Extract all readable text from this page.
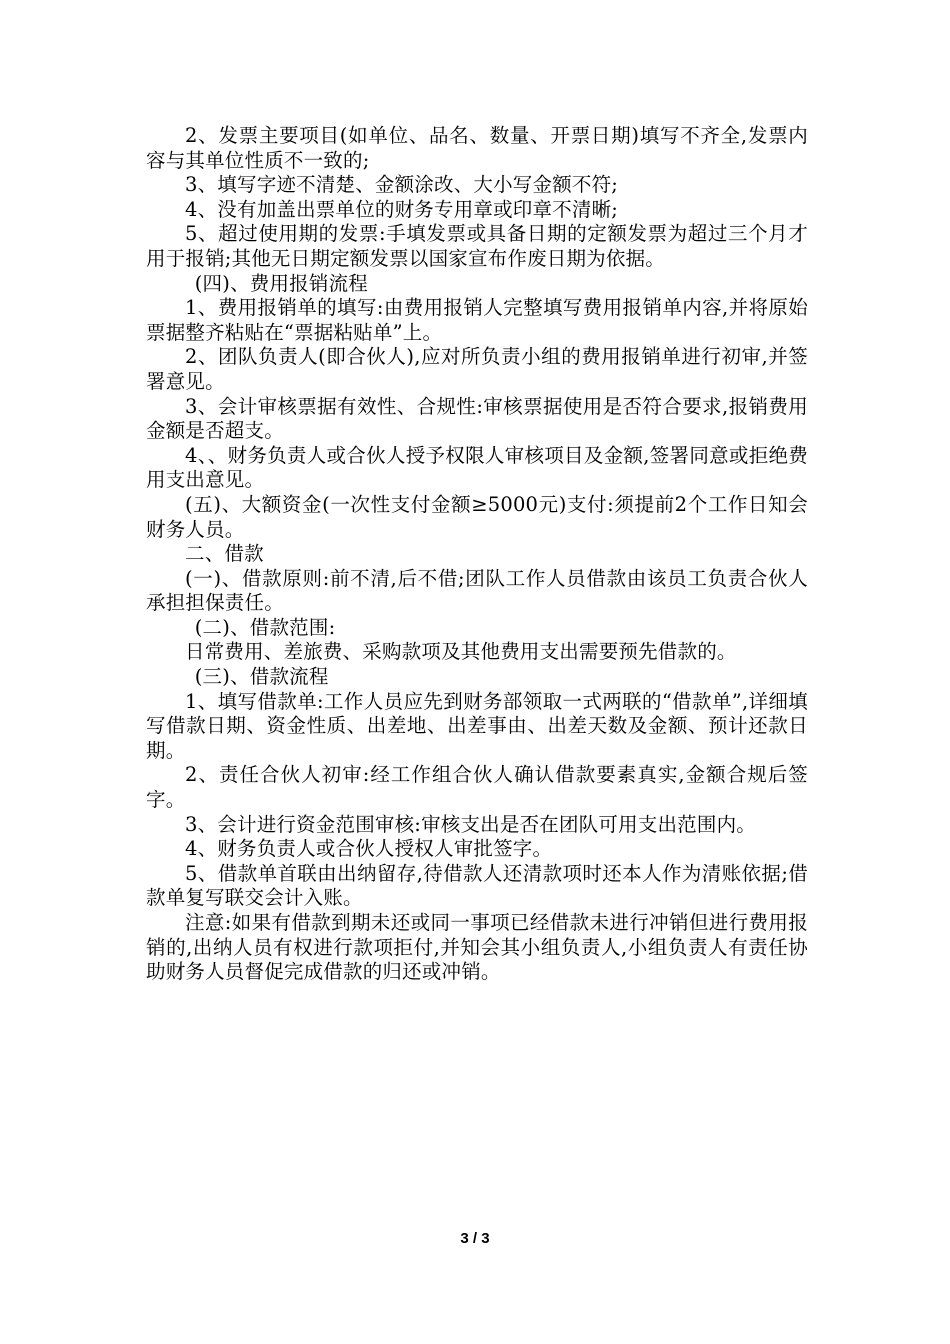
2、发票主要项目(如单位、品名、数量、开票日期)填写不齐全,发票内容与其单位性质不一致的;

3、填写字迹不清楚、金额涂改、大小写金额不符;

4、没有加盖出票单位的财务专用章或印章不清晰;

5、超过使用期的发票:手填发票或具备日期的定额发票为超过三个月才用于报销;其他无日期定额发票以国家宣布作废日期为依据。

(四)、费用报销流程

1、费用报销单的填写:由费用报销人完整填写费用报销单内容,并将原始票据整齐粘贴在“票据粘贴单”上。

2、团队负责人(即合伙人),应对所负责小组的费用报销单进行初审,并签署意见。

3、会计审核票据有效性、合规性:审核票据使用是否符合要求,报销费用金额是否超支。

4、、财务负责人或合伙人授予权限人审核项目及金额,签署同意或拒绝费用支出意见。

(五)、大额资金(一次性支付金额≥5000元)支付:须提前2个工作日知会财务人员。

二、借款

(一)、借款原则:前不清,后不借;团队工作人员借款由该员工负责合伙人承担担保责任。

(二)、借款范围:

日常费用、差旅费、采购款项及其他费用支出需要预先借款的。

(三)、借款流程

1、填写借款单:工作人员应先到财务部领取一式两联的“借款单”,详细填写借款日期、资金性质、出差地、出差事由、出差天数及金额、预计还款日期。

2、责任合伙人初审:经工作组合伙人确认借款要素真实,金额合规后签字。

3、会计进行资金范围审核:审核支出是否在团队可用支出范围内。

4、财务负责人或合伙人授权人审批签字。

5、借款单首联由出纳留存,待借款人还清款项时还本人作为清账依据;借款单复写联交会计入账。

注意:如果有借款到期未还或同一事项已经借款未进行冲销但进行费用报销的,出纳人员有权进行款项拒付,并知会其小组负责人,小组负责人有责任协助财务人员督促完成借款的归还或冲销。

3 / 3
